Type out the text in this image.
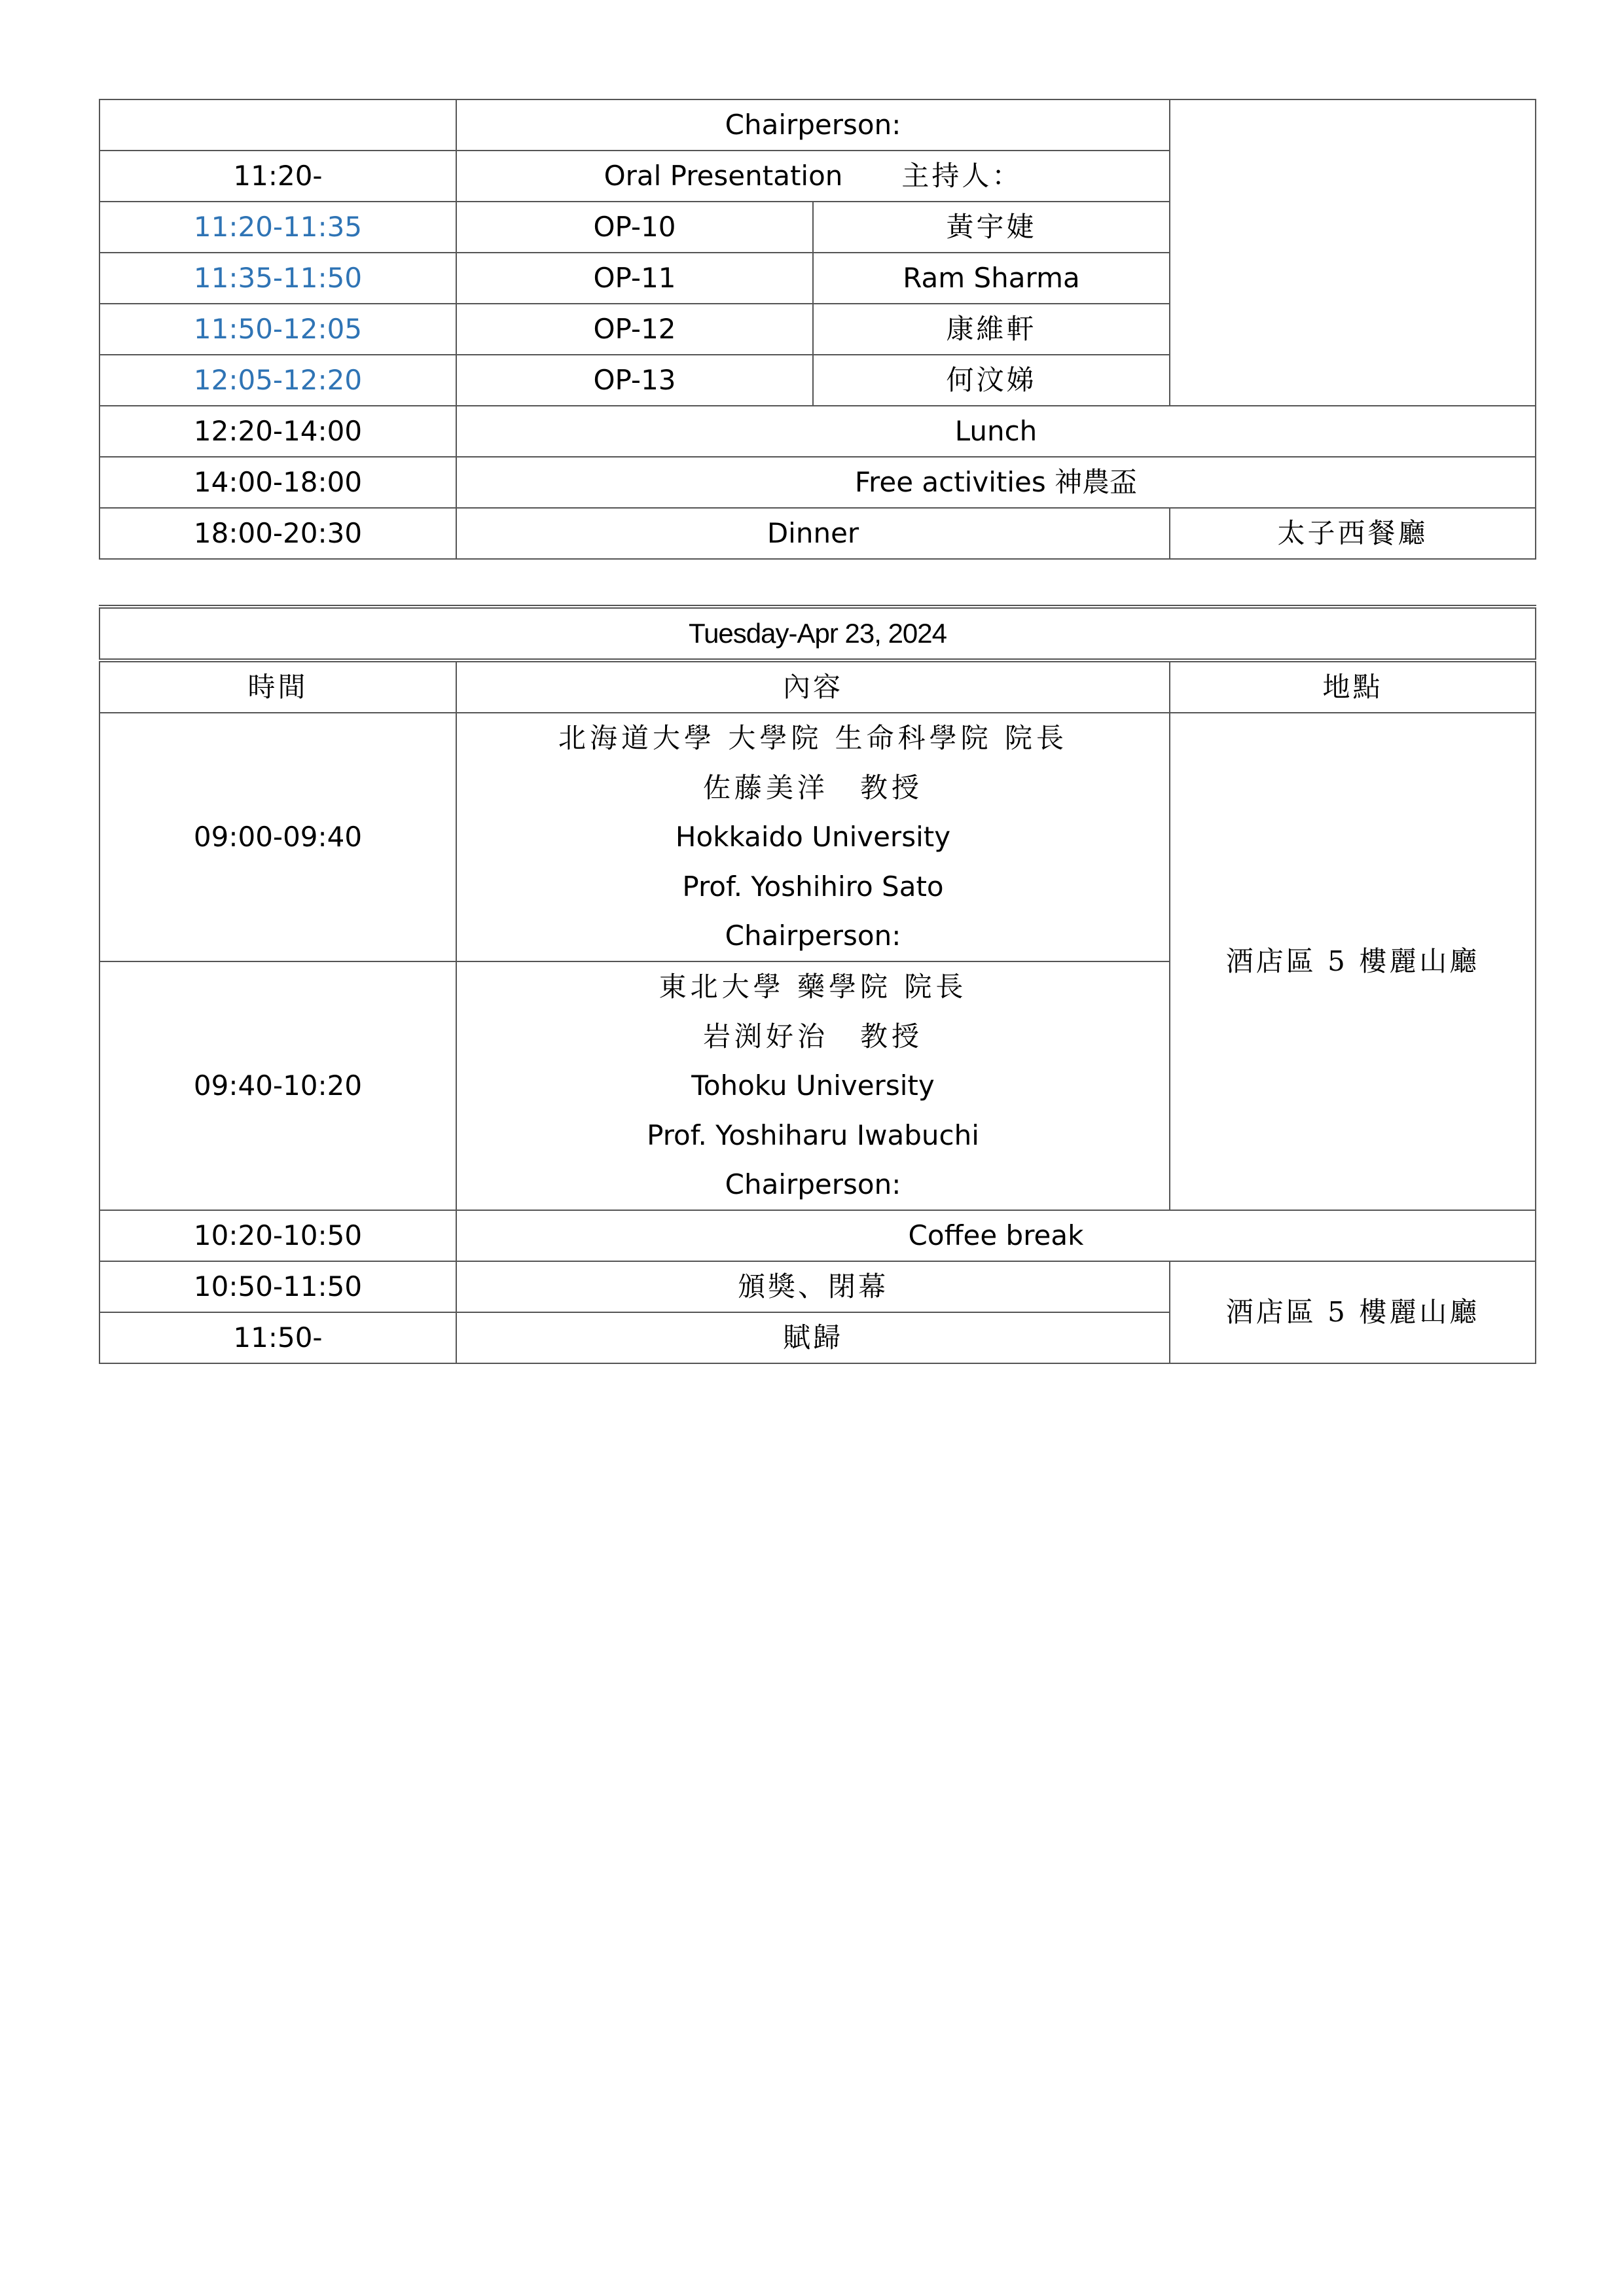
	Chairperson:		
11:20-	Oral Presentation 主持人：		
11:20-11:35	OP-10	黃宇婕	
11:35-11:50	OP-11	Ram Sharma	
11:50-12:05	OP-12	康維軒	
12:05-12:20	OP-13	何汶娣	
12:20-14:00	Lunch		
14:00-18:00	Free activities 神農盃		
18:00-20:30	Dinner		太子西餐廳
Tuesday-Apr 23, 2024		
時間	內容	地點
09:00-09:40	北海道大學 大學院 生命科學院 院長
佐藤美洋　教授
Hokkaido University
Prof. Yoshihiro Sato
Chairperson:	酒店區 5 樓麗山廳
09:40-10:20	東北大學 藥學院 院長
岩渕好治　教授
Tohoku University
Prof. Yoshiharu Iwabuchi
Chairperson:	

10:20-10:50	Coffee break	
10:50-11:50	頒獎、閉幕	酒店區 5 樓麗山廳
11:50-	賦歸	
